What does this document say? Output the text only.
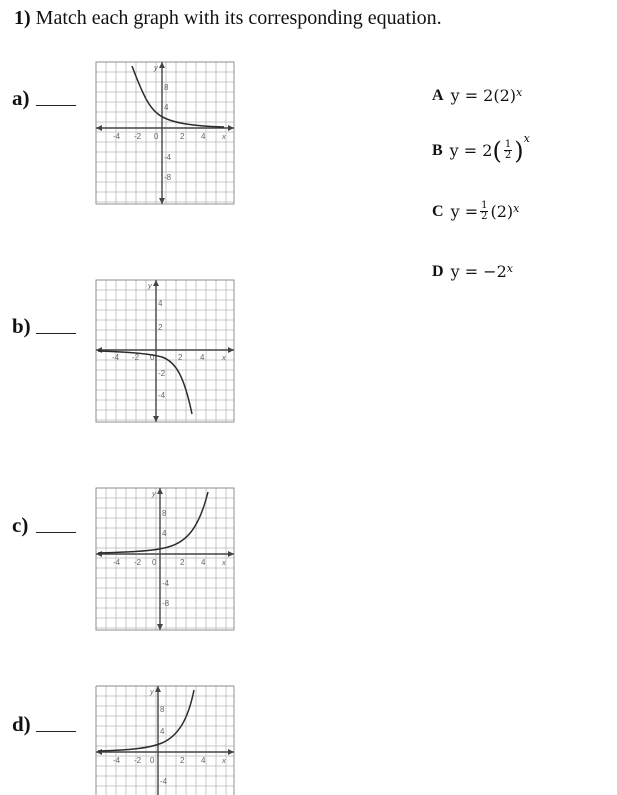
1) Match each graph with its corresponding equation.
a)
b)
c)
d)
y
8
4
-4 -2 0	2 4 x
-4
-8
y
4
2
-4 -2 0	2 4 x
-2
-4
y
8
4
-4 -2 0	2 4 x
-4
-8
y
8
4
-4 -2 0	2 4 x
-4
A y = 2(2) $^x$
B y = 2 ( $\frac{1}{2}$ ) x
C $y = \frac{1}{2} (2)$ $^x$
D y = −2 $^x$
